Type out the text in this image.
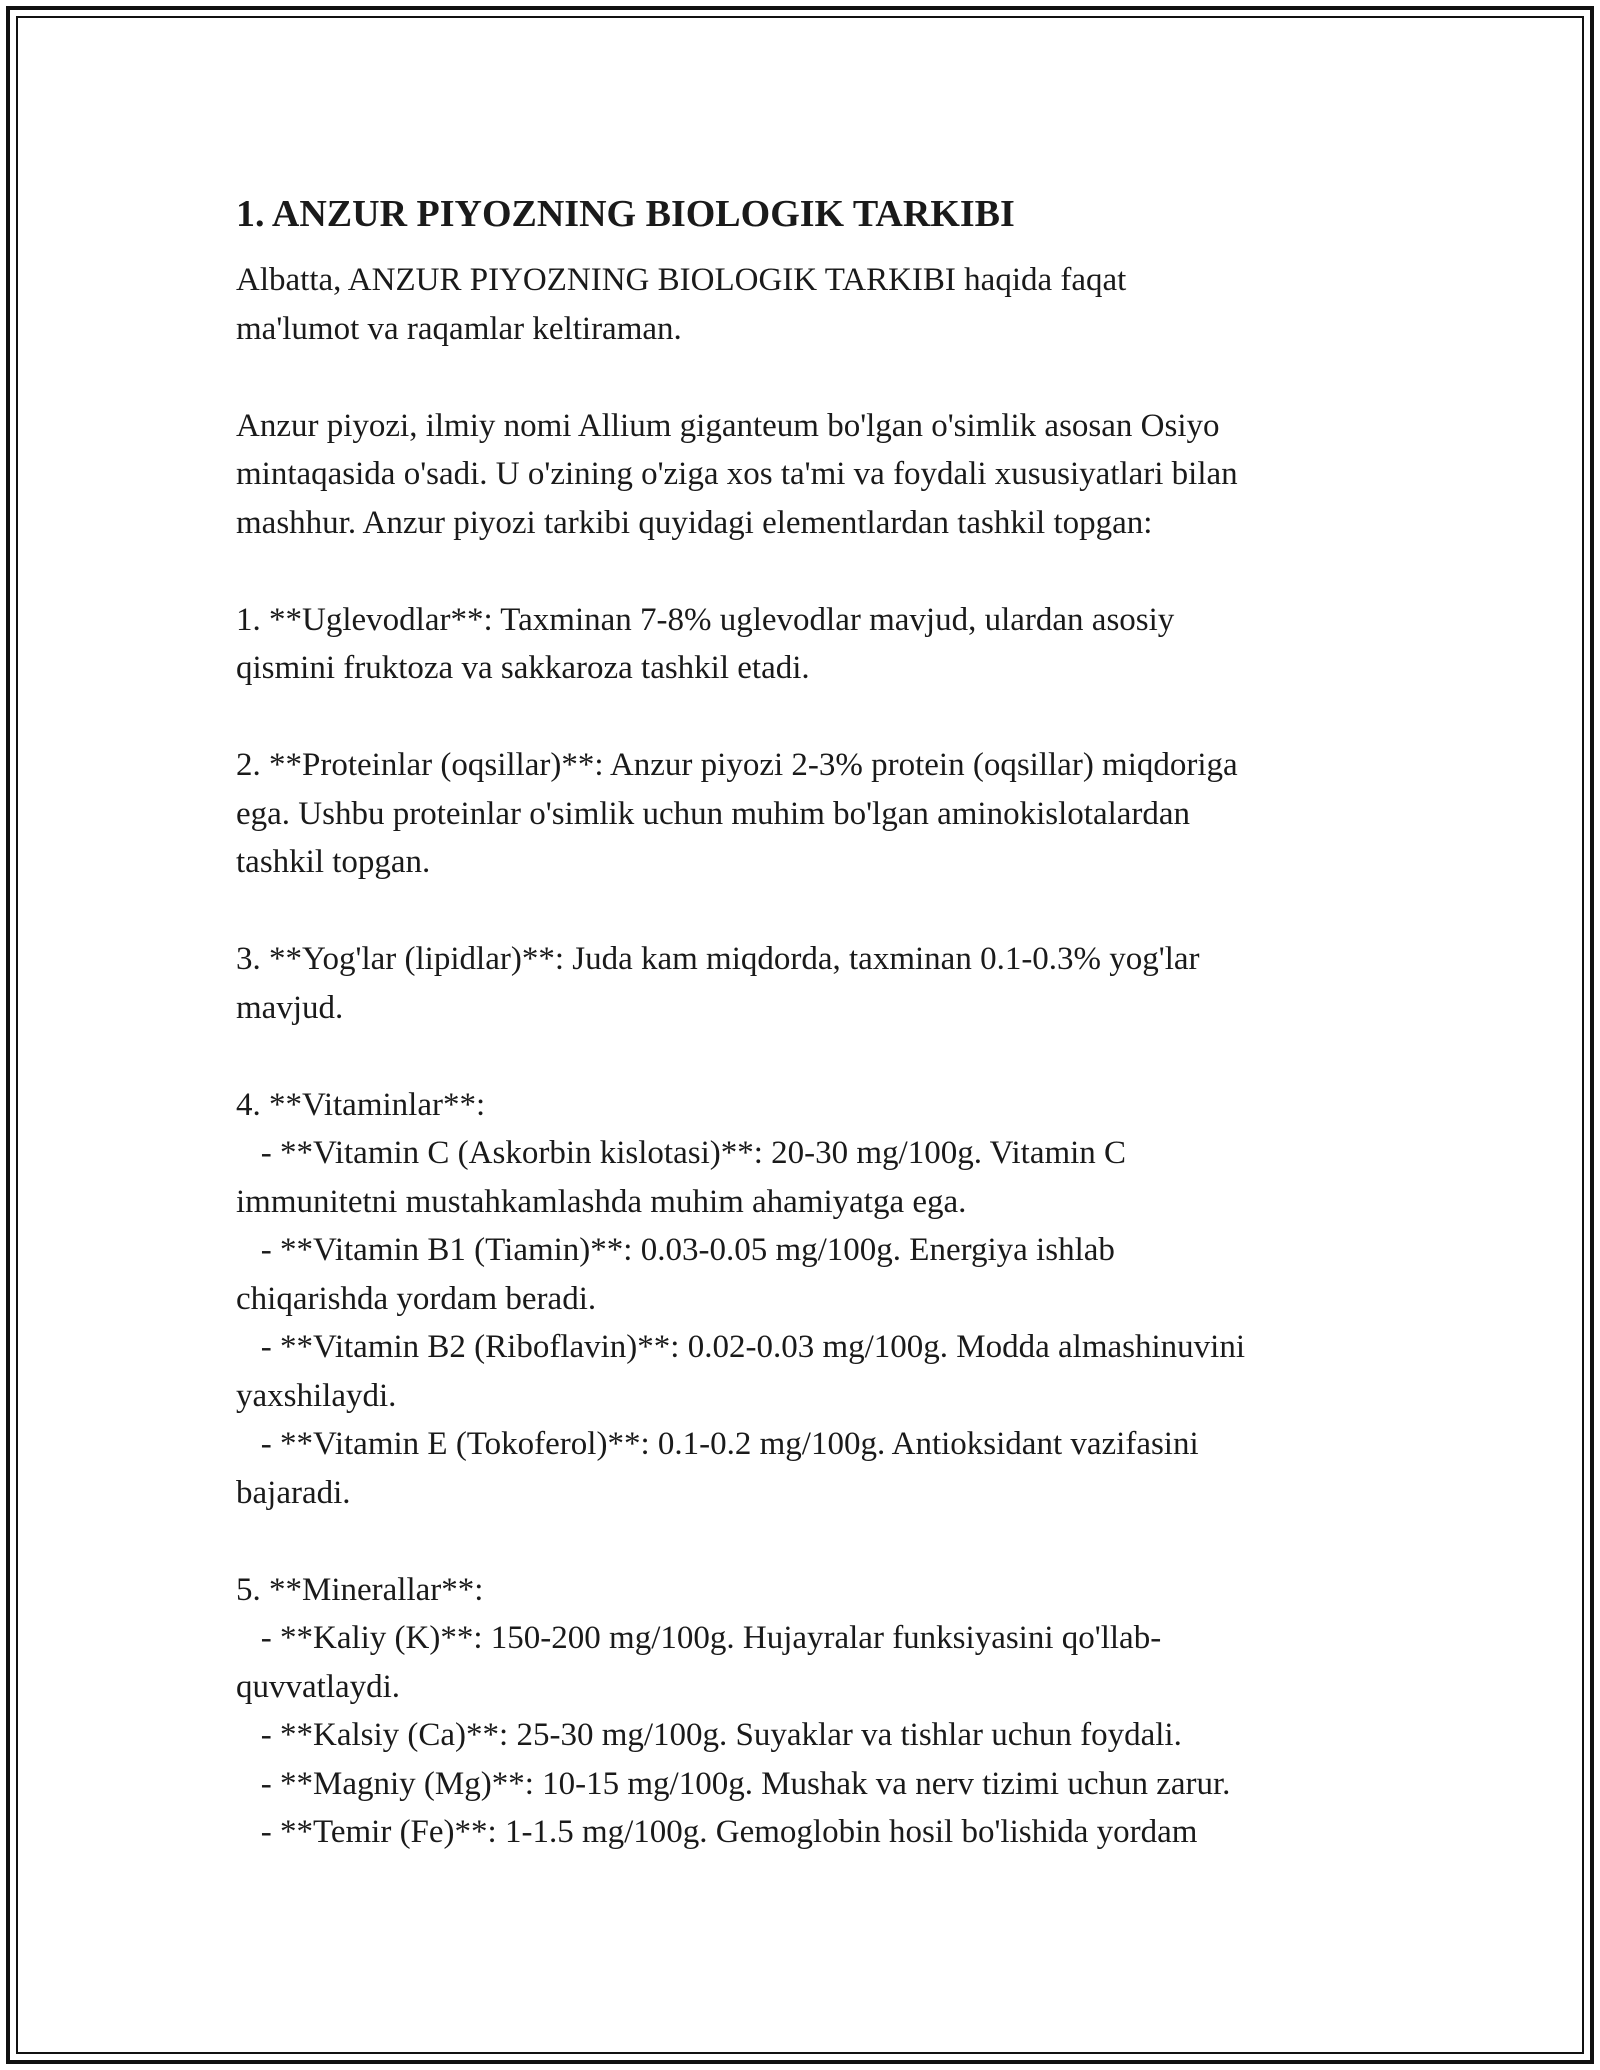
1. ANZUR PIYOZNING BIOLOGIK TARKIBI

Albatta, ANZUR PIYOZNING BIOLOGIK TARKIBI haqida faqat

ma'lumot va raqamlar keltiraman.

Anzur piyozi, ilmiy nomi Allium giganteum bo'lgan o'simlik asosan Osiyo

mintaqasida o'sadi. U o'zining o'ziga xos ta'mi va foydali xususiyatlari bilan

mashhur. Anzur piyozi tarkibi quyidagi elementlardan tashkil topgan:

1. **Uglevodlar**: Taxminan 7-8% uglevodlar mavjud, ulardan asosiy

qismini fruktoza va sakkaroza tashkil etadi.

2. **Proteinlar (oqsillar)**: Anzur piyozi 2-3% protein (oqsillar) miqdoriga

ega. Ushbu proteinlar o'simlik uchun muhim bo'lgan aminokislotalardan

tashkil topgan.

3. **Yog'lar (lipidlar)**: Juda kam miqdorda, taxminan 0.1-0.3% yog'lar

mavjud.

4. **Vitaminlar**:

- **Vitamin C (Askorbin kislotasi)**: 20-30 mg/100g. Vitamin C

immunitetni mustahkamlashda muhim ahamiyatga ega.

- **Vitamin B1 (Tiamin)**: 0.03-0.05 mg/100g. Energiya ishlab

chiqarishda yordam beradi.

- **Vitamin B2 (Riboflavin)**: 0.02-0.03 mg/100g. Modda almashinuvini

yaxshilaydi.

- **Vitamin E (Tokoferol)**: 0.1-0.2 mg/100g. Antioksidant vazifasini

bajaradi.

5. **Minerallar**:

- **Kaliy (K)**: 150-200 mg/100g. Hujayralar funksiyasini qo'llab-

quvvatlaydi.

- **Kalsiy (Ca)**: 25-30 mg/100g. Suyaklar va tishlar uchun foydali.

- **Magniy (Mg)**: 10-15 mg/100g. Mushak va nerv tizimi uchun zarur.

- **Temir (Fe)**: 1-1.5 mg/100g. Gemoglobin hosil bo'lishida yordam
